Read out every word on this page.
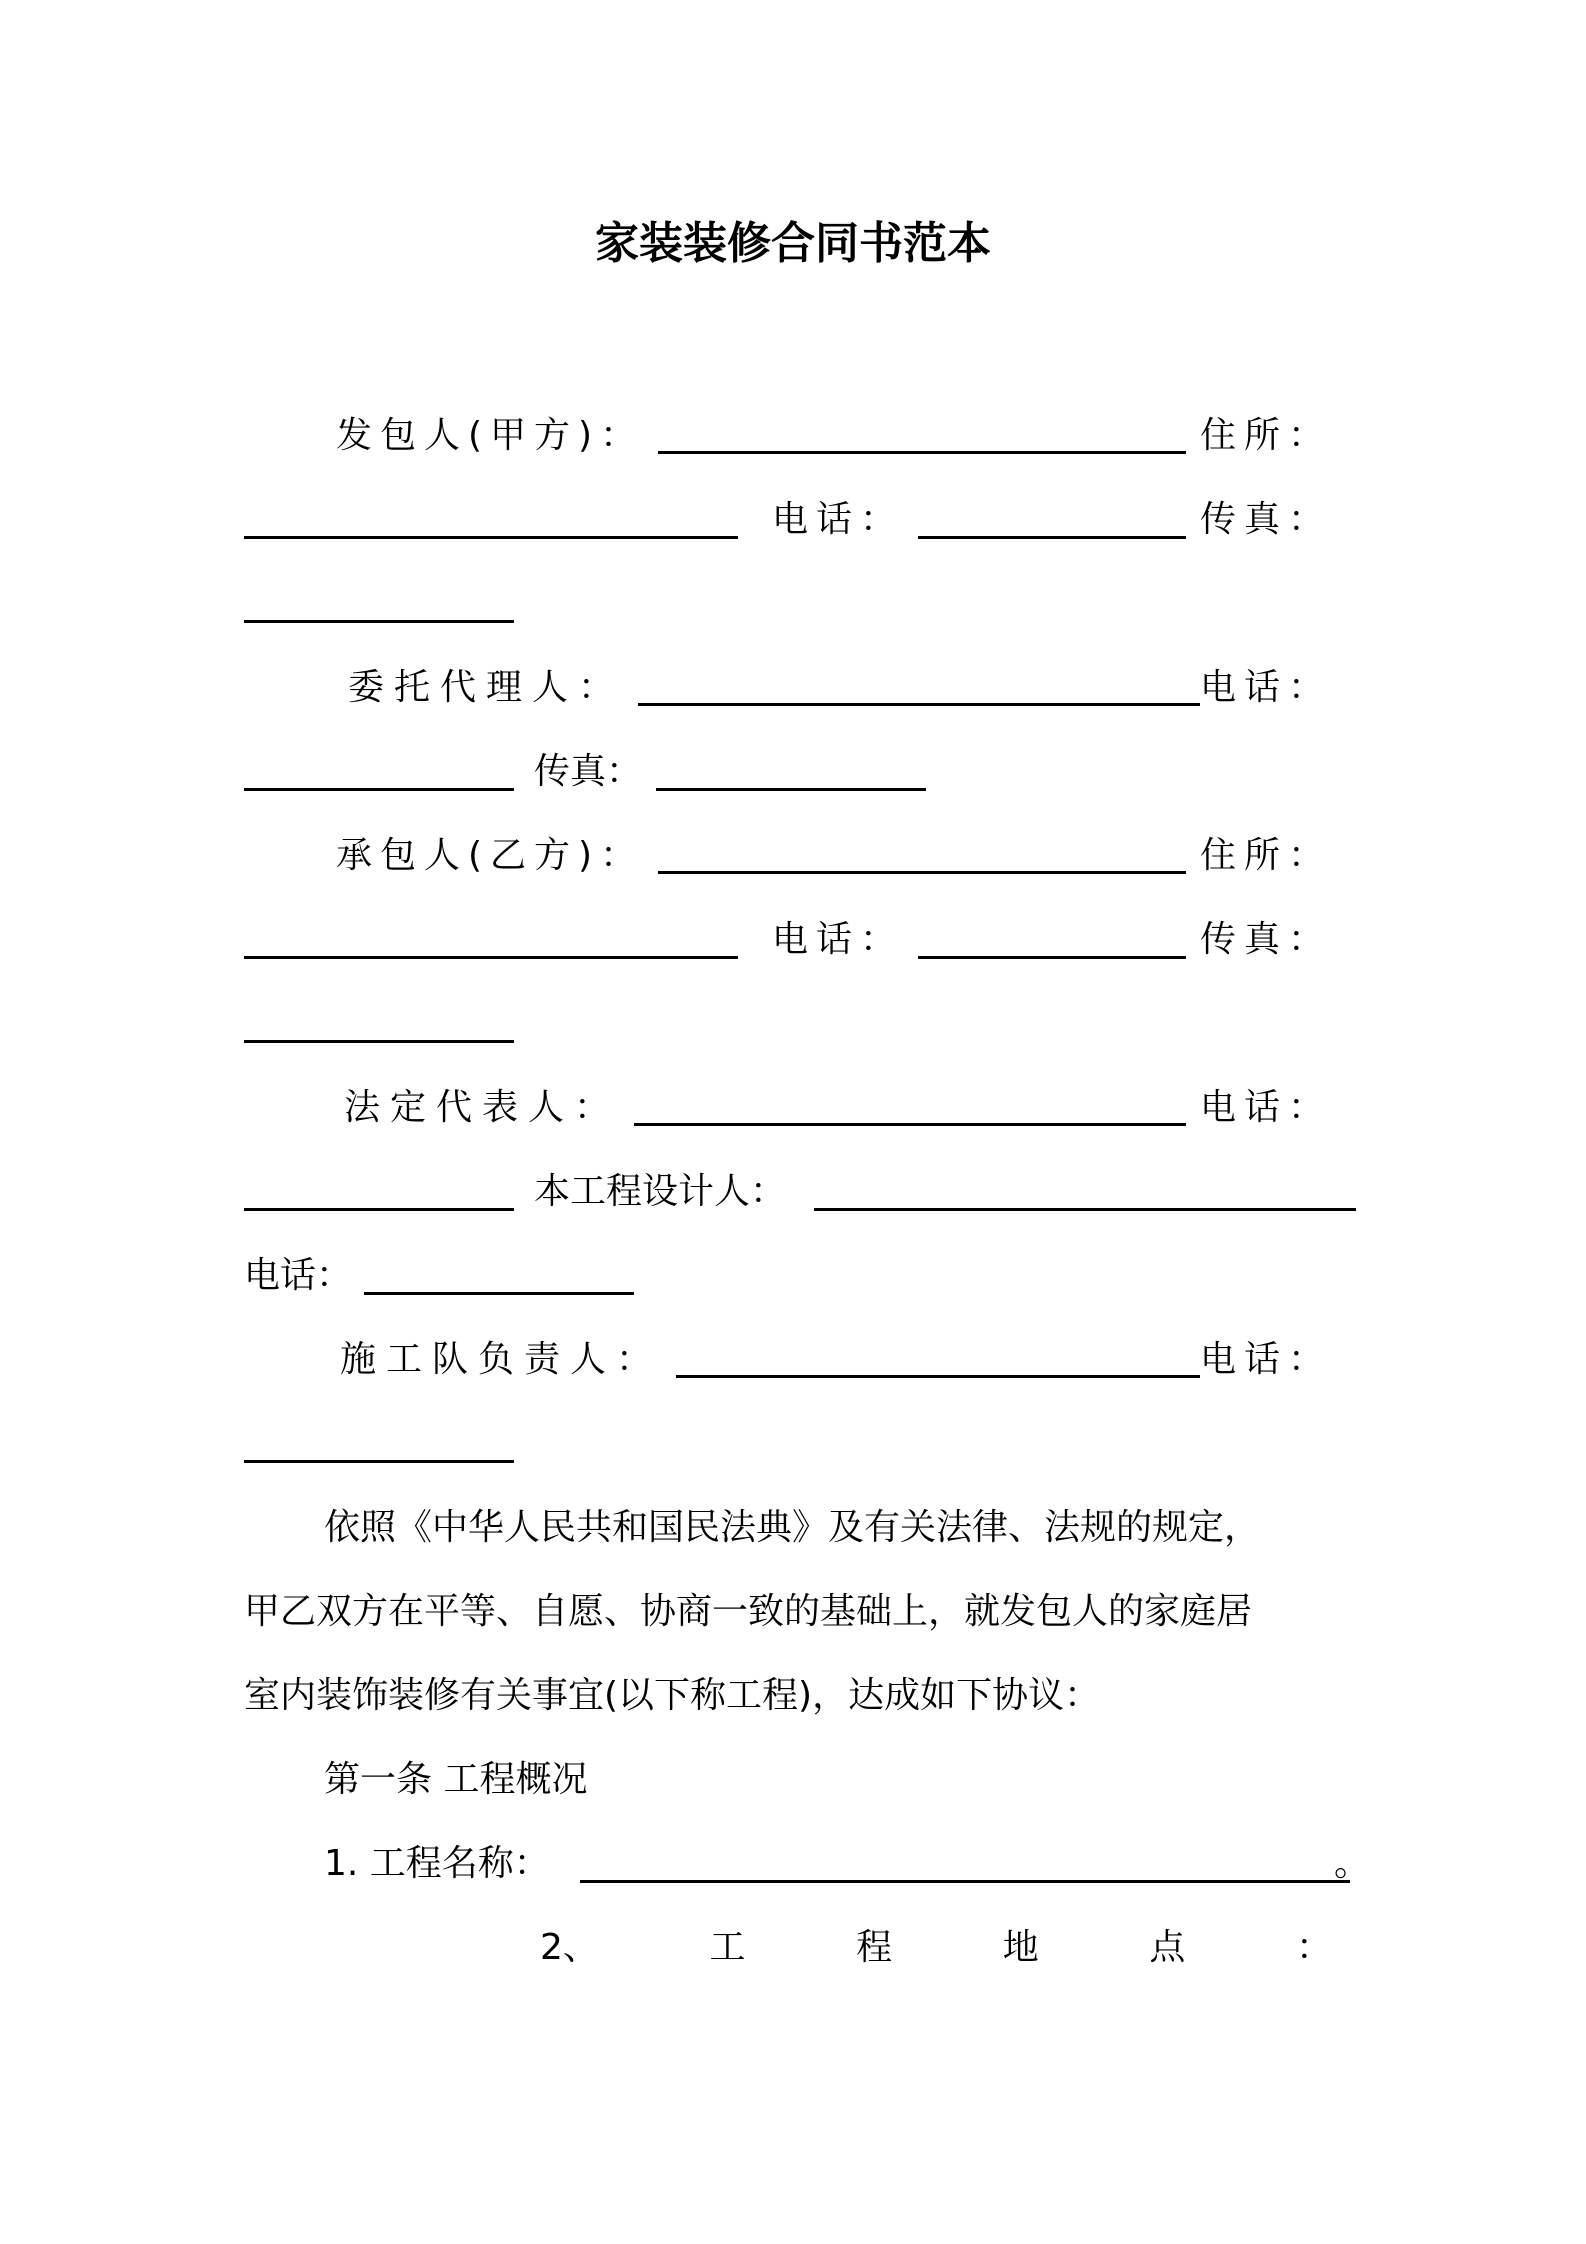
家装装修合同书范本
发包人(甲方)：	住所：
电话：	传真：
委托代理人：	电话：
传真：
承包人(乙方)：	住所：
电话：	传真：
法定代表人：	电话：
本工程设计人：
电话：
施工队负责人：	电话：
依照《中华人民共和国民法典》及有关法律、法规的规定，
甲乙双方在平等、自愿、协商一致的基础上，就发包人的家庭居
室内装饰装修有关事宜(以下称工程)，达成如下协议：
第一条 工程概况
1. 工程名称：	。
2、	工	程	地	点	：
